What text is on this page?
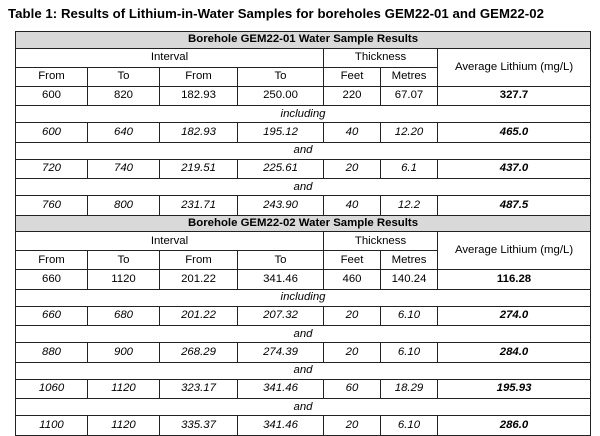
Table 1: Results of Lithium-in-Water Samples for boreholes GEM22-01 and GEM22-02
Borehole GEM22-01 Water Sample Results						
Interval				Thickness		Average Lithium (mg/L)
From	To	From	To	Feet	Metres	
600	820	182.93	250.00	220	67.07	327.7
including						
600	640	182.93	195.12	40	12.20	465.0
and						
720	740	219.51	225.61	20	6.1	437.0
and						
760	800	231.71	243.90	40	12.2	487.5
Borehole GEM22-02 Water Sample Results						
Interval				Thickness		Average Lithium (mg/L)
From	To	From	To	Feet	Metres	
660	1120	201.22	341.46	460	140.24	116.28
including						
660	680	201.22	207.32	20	6.10	274.0
and						
880	900	268.29	274.39	20	6.10	284.0
and						
1060	1120	323.17	341.46	60	18.29	195.93
and						
1100	1120	335.37	341.46	20	6.10	286.0
